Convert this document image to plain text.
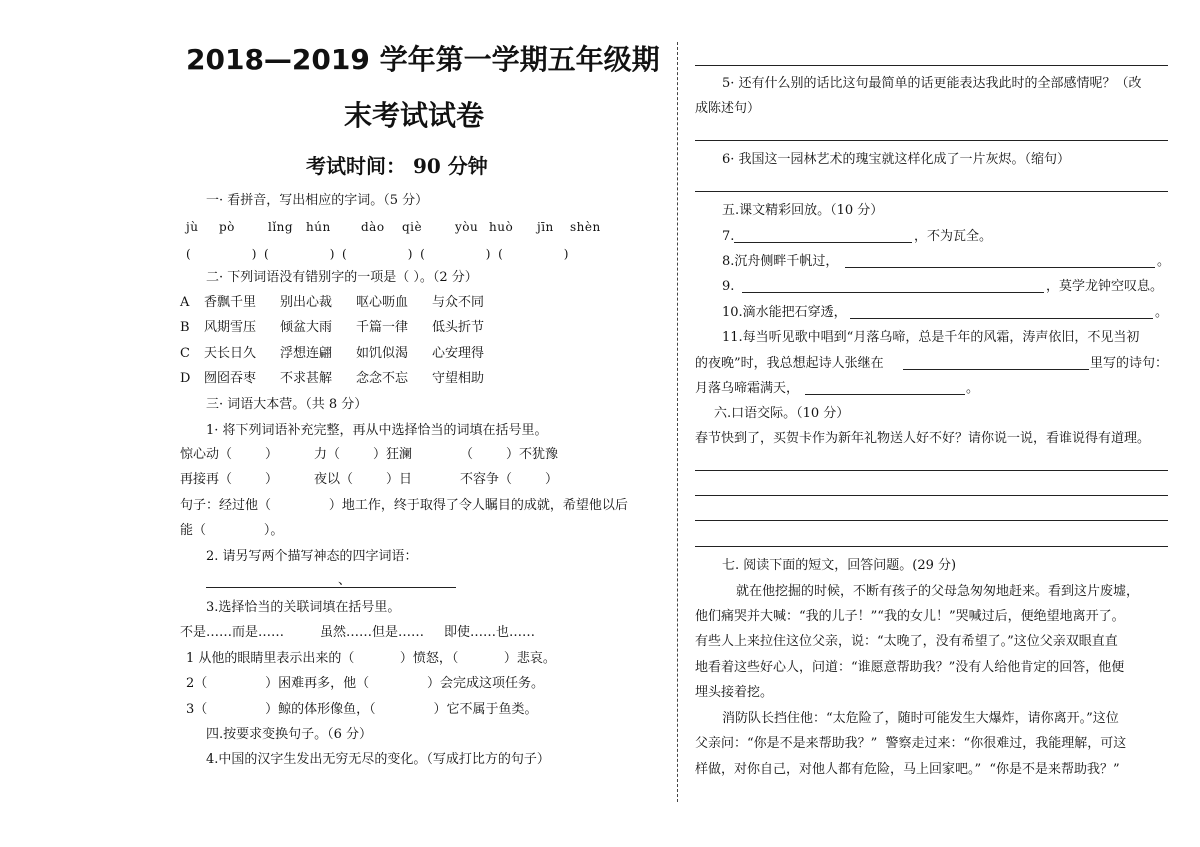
2018—2019 学年第一学期五年级期
末考试试卷
考试时间： 90 分钟
一· 看拼音，写出相应的字词。（5 分）
jù pò	lǐng hún	dào qiè	yòu huò jīn shèn
(                )  (                )  (                )  (                )  (                )
二· 下列词语没有错别字的一项是（ ）。（2 分）
A 香飘千里 别出心裁 呕心呖血 与众不同
B 风期雪压 倾盆大雨 千篇一律 低头折节
C 天长日久 浮想连翩 如饥似渴 心安理得
D 囫囵吞枣 不求甚解 念念不忘 守望相助
三· 词语大本营。（共 8 分）
1· 将下列词语补充完整，再从中选择恰当的词填在括号里。
惊心动（        ）	力（        ）狂澜	（        ）不犹豫
再接再（        ）	夜以（        ）日	不容争（        ）
句子：经过他（              ）地工作，终于取得了令人瞩目的成就，希望他以后
能（              ）。
2. 请另写两个描写神态的四字词语：
、
3.选择恰当的关联词填在括号里。
不是……而是……	虽然……但是…… 即使……也……
1 从他的眼睛里表示出来的（           ）愤怒，（           ）悲哀。
2（              ）困难再多，他（              ）会完成这项任务。
3（              ）鲸的体形像鱼，（              ）它不属于鱼类。
四.按要求变换句子。（6 分）
4.中国的汉字生发出无穷无尽的变化。（写成打比方的句子）
5· 还有什么别的话比这句最简单的话更能表达我此时的全部感情呢？（改
成陈述句）
6· 我国这一园林艺术的瑰宝就这样化成了一片灰烬。（缩句）
五.课文精彩回放。（10 分）
7.	，不为瓦全。
8.沉舟侧畔千帆过，	。
9.	，莫学龙钟空叹息。
10.滴水能把石穿透，	。
11.每当听见歌中唱到“月落乌啼，总是千年的风霜，涛声依旧，不见当初
的夜晚”时，我总想起诗人张继在	里写的诗句：
月落乌啼霜满天，	。
六.口语交际。（10 分）
春节快到了，买贺卡作为新年礼物送人好不好？请你说一说，看谁说得有道理。
七. 阅读下面的短文，回答问题。(29 分)
就在他挖掘的时候，不断有孩子的父母急匆匆地赶来。看到这片废墟，
他们痛哭并大喊：“我的儿子！”“我的女儿！”哭喊过后，便绝望地离开了。
有些人上来拉住这位父亲，说：“太晚了，没有希望了。”这位父亲双眼直直
地看着这些好心人，问道：“谁愿意帮助我？”没有人给他肯定的回答，他便
埋头接着挖。
消防队长挡住他：“太危险了，随时可能发生大爆炸，请你离开。”这位
父亲问：“你是不是来帮助我？”  警察走过来：“你很难过，我能理解，可这
样做，对你自己，对他人都有危险，马上回家吧。”  “你是不是来帮助我？”
